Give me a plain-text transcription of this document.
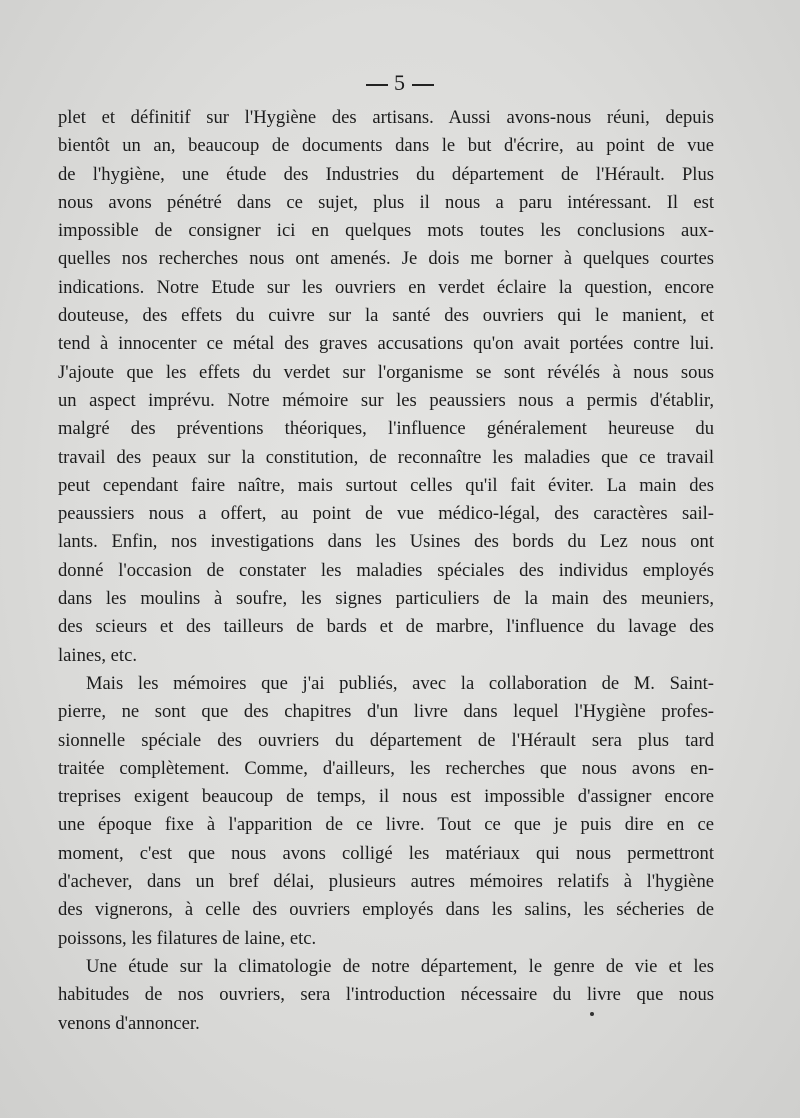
5
plet et définitif sur l'Hygiène des artisans. Aussi avons-nous réuni, depuis
bientôt un an, beaucoup de documents dans le but d'écrire, au point de vue
de l'hygiène, une étude des Industries du département de l'Hérault. Plus
nous avons pénétré dans ce sujet, plus il nous a paru intéressant. Il est
impossible de consigner ici en quelques mots toutes les conclusions aux-
quelles nos recherches nous ont amenés. Je dois me borner à quelques courtes
indications. Notre Etude sur les ouvriers en verdet éclaire la question, encore
douteuse, des effets du cuivre sur la santé des ouvriers qui le manient, et
tend à innocenter ce métal des graves accusations qu'on avait portées contre lui.
J'ajoute que les effets du verdet sur l'organisme se sont révélés à nous sous
un aspect imprévu. Notre mémoire sur les peaussiers nous a permis d'établir,
malgré des préventions théoriques, l'influence généralement heureuse du
travail des peaux sur la constitution, de reconnaître les maladies que ce travail
peut cependant faire naître, mais surtout celles qu'il fait éviter. La main des
peaussiers nous a offert, au point de vue médico-légal, des caractères sail-
lants. Enfin, nos investigations dans les Usines des bords du Lez nous ont
donné l'occasion de constater les maladies spéciales des individus employés
dans les moulins à soufre, les signes particuliers de la main des meuniers,
des scieurs et des tailleurs de bards et de marbre, l'influence du lavage des
laines, etc.
Mais les mémoires que j'ai publiés, avec la collaboration de M. Saint-
pierre, ne sont que des chapitres d'un livre dans lequel l'Hygiène profes-
sionnelle spéciale des ouvriers du département de l'Hérault sera plus tard
traitée complètement. Comme, d'ailleurs, les recherches que nous avons en-
treprises exigent beaucoup de temps, il nous est impossible d'assigner encore
une époque fixe à l'apparition de ce livre. Tout ce que je puis dire en ce
moment, c'est que nous avons colligé les matériaux qui nous permettront
d'achever, dans un bref délai, plusieurs autres mémoires relatifs à l'hygiène
des vignerons, à celle des ouvriers employés dans les salins, les sécheries de
poissons, les filatures de laine, etc.
Une étude sur la climatologie de notre département, le genre de vie et les
habitudes de nos ouvriers, sera l'introduction nécessaire du livre que nous
venons d'annoncer.
